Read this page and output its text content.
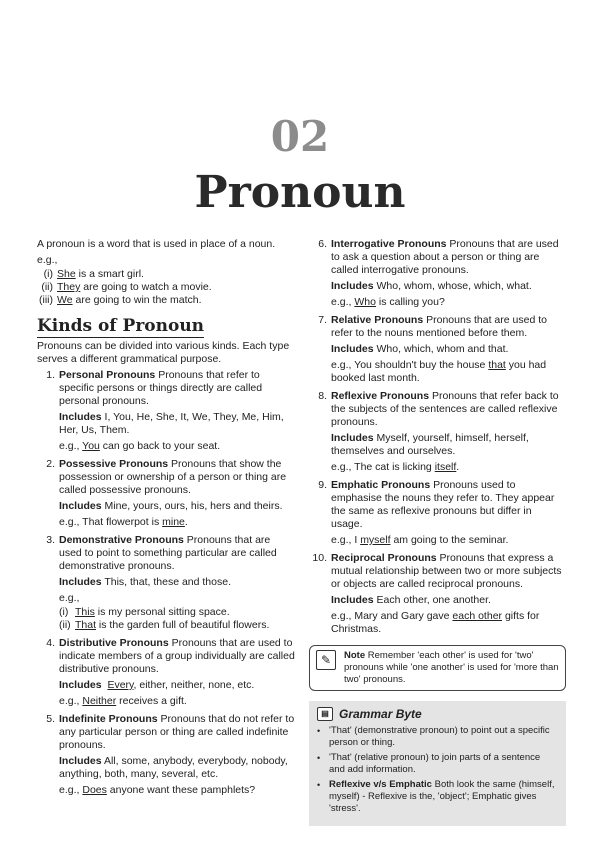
02
Pronoun

A pronoun is a word that is used in place of a noun.

e.g.,

(i) She is a smart girl.
(ii) They are going to watch a movie.
(iii) We are going to win the match.
Kinds of Pronoun

Pronouns can be divided into various kinds. Each type serves a different grammatical purpose.

1. Personal Pronouns Pronouns that refer to specific persons or things directly are called personal pronouns.

Includes I, You, He, She, It, We, They, Me, Him, Her, Us, Them.

e.g., You can go back to your seat.

2. Possessive Pronouns Pronouns that show the possession or ownership of a person or thing are called possessive pronouns.

Includes Mine, yours, ours, his, hers and theirs.

e.g., That flowerpot is mine.

3. Demonstrative Pronouns Pronouns that are used to point to something particular are called demonstrative pronouns.

Includes This, that, these and those.

e.g.,

(i) This is my personal sitting space.
(ii) That is the garden full of beautiful flowers.
4. Distributive Pronouns Pronouns that are used to indicate members of a group individually are called distributive pronouns.

Includes Every, either, neither, none, etc.

e.g., Neither receives a gift.

5. Indefinite Pronouns Pronouns that do not refer to any particular person or thing are called indefinite pronouns.

Includes All, some, anybody, everybody, nobody, anything, both, many, several, etc.

e.g., Does anyone want these pamphlets?

6. Interrogative Pronouns Pronouns that are used to ask a question about a person or thing are called interrogative pronouns.

Includes Who, whom, whose, which, what.

e.g., Who is calling you?

7. Relative Pronouns Pronouns that are used to refer to the nouns mentioned before them.

Includes Who, which, whom and that.

e.g., You shouldn't buy the house that you had booked last month.

8. Reflexive Pronouns Pronouns that refer back to the subjects of the sentences are called reflexive pronouns.

Includes Myself, yourself, himself, herself, themselves and ourselves.

e.g., The cat is licking itself.

9. Emphatic Pronouns Pronouns used to emphasise the nouns they refer to. They appear the same as reflexive pronouns but differ in usage.

e.g., I myself am going to the seminar.

10. Reciprocal Pronouns Pronouns that express a mutual relationship between two or more subjects or objects are called reciprocal pronouns.

Includes Each other, one another.

e.g., Mary and Gary gave each other gifts for Christmas.

✎	Note Remember 'each other' is used for 'two' pronouns while 'one another' is used for 'more than two' pronouns.
▤ Grammar Byte
• 'That' (demonstrative pronoun) to point out a specific person or thing.
• 'That' (relative pronoun) to join parts of a sentence and add information.
• Reflexive v/s Emphatic Both look the same (himself, myself) - Reflexive is the, 'object'; Emphatic gives 'stress'.
